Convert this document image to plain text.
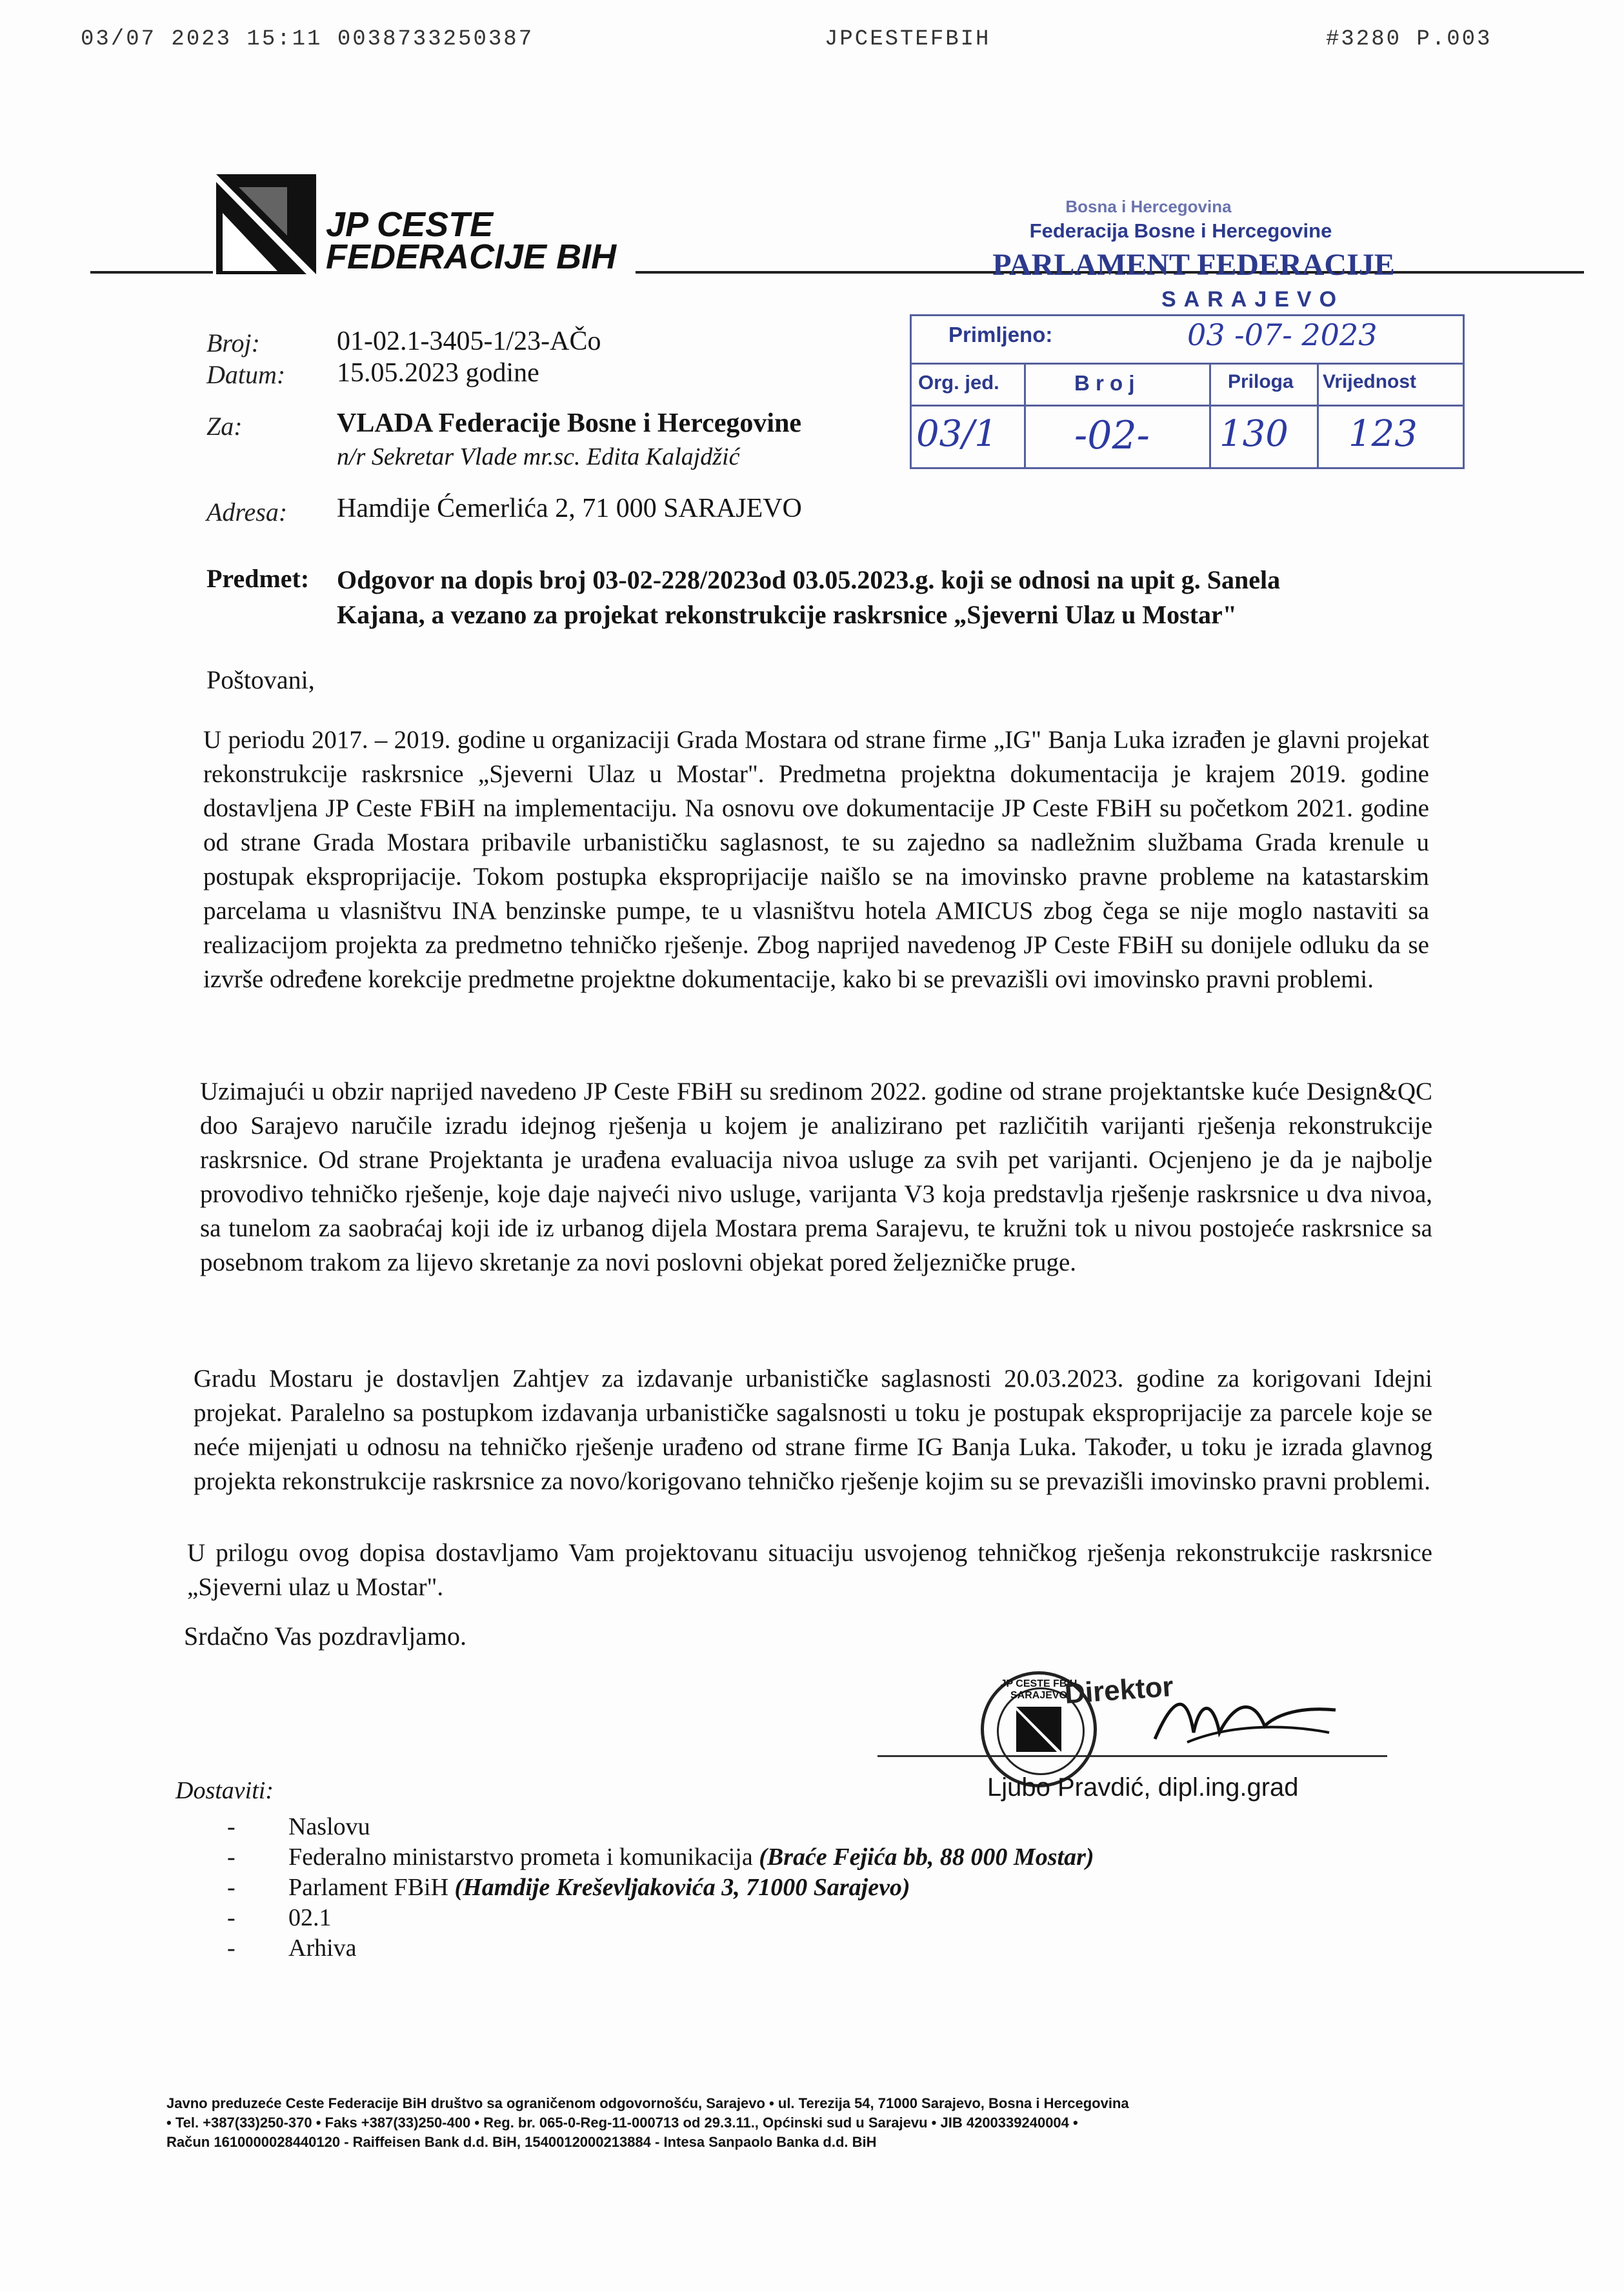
03/07 2023 15:11 0038733250387	JPCESTEFBIH	#3280 P.003
JP CESTE
FEDERACIJE BIH
Bosna i Hercegovina
Federacija Bosne i Hercegovine
PARLAMENT FEDERACIJE
SARAJEVO
Primljeno:	03 -07- 2023
Org. jed.	B r o j	Priloga Vrijednost
03/1 -02- 130 123
Broj:	01-02.1-3405-1/23-AČo
Datum: 15.05.2023 godine
Za:	VLADA Federacije Bosne i Hercegovine
n/r Sekretar Vlade mr.sc. Edita Kalajdžić
Adresa: Hamdije Ćemerlića 2, 71 000 SARAJEVO
Predmet: Odgovor na dopis broj 03-02-228/2023od 03.05.2023.g. koji se odnosi na upit g. Sanela
Kajana, a vezano za projekat rekonstrukcije raskrsnice „Sjeverni Ulaz u Mostar"
Poštovani,
U periodu 2017. – 2019. godine u organizaciji Grada Mostara od strane firme „IG" Banja Luka izrađen je glavni projekat rekonstrukcije raskrsnice „Sjeverni Ulaz u Mostar". Predmetna projektna dokumentacija je krajem 2019. godine dostavljena JP Ceste FBiH na implementaciju. Na osnovu ove dokumentacije JP Ceste FBiH su početkom 2021. godine od strane Grada Mostara pribavile urbanističku saglasnost, te su zajedno sa nadležnim službama Grada krenule u postupak eksproprijacije. Tokom postupka eksproprijacije naišlo se na imovinsko pravne probleme na katastarskim parcelama u vlasništvu INA benzinske pumpe, te u vlasništvu hotela AMICUS zbog čega se nije moglo nastaviti sa realizacijom projekta za predmetno tehničko rješenje. Zbog naprijed navedenog JP Ceste FBiH su donijele odluku da se izvrše određene korekcije predmetne projektne dokumentacije, kako bi se prevazišli ovi imovinsko pravni problemi.
Uzimajući u obzir naprijed navedeno JP Ceste FBiH su sredinom 2022. godine od strane projektantske kuće Design&QC doo Sarajevo naručile izradu idejnog rješenja u kojem je analizirano pet različitih varijanti rješenja rekonstrukcije raskrsnice. Od strane Projektanta je urađena evaluacija nivoa usluge za svih pet varijanti. Ocjenjeno je da je najbolje provodivo tehničko rješenje, koje daje najveći nivo usluge, varijanta V3 koja predstavlja rješenje raskrsnice u dva nivoa, sa tunelom za saobraćaj koji ide iz urbanog dijela Mostara prema Sarajevu, te kružni tok u nivou postojeće raskrsnice sa posebnom trakom za lijevo skretanje za novi poslovni objekat pored željezničke pruge.
Gradu Mostaru je dostavljen Zahtjev za izdavanje urbanističke saglasnosti 20.03.2023. godine za korigovani Idejni projekat. Paralelno sa postupkom izdavanja urbanističke sagalsnosti u toku je postupak eksproprijacije za parcele koje se neće mijenjati u odnosu na tehničko rješenje urađeno od strane firme IG Banja Luka. Također, u toku je izrada glavnog projekta rekonstrukcije raskrsnice za novo/korigovano tehničko rješenje kojim su se prevazišli imovinsko pravni problemi.
U prilogu ovog dopisa dostavljamo Vam projektovanu situaciju usvojenog tehničkog rješenja rekonstrukcije raskrsnice „Sjeverni ulaz u Mostar".
Srdačno Vas pozdravljamo.
JP CESTE FBiH SARAJEVO
Direktor
Ljubo Pravdić, dipl.ing.grad
Dostaviti:
- Naslovu
- Federalno ministarstvo prometa i komunikacija (Braće Fejića bb, 88 000 Mostar)
- Parlament FBiH (Hamdije Kreševljakovića 3, 71000 Sarajevo)
- 02.1
- Arhiva
Javno preduzeće Ceste Federacije BiH društvo sa ograničenom odgovornošću, Sarajevo • ul. Terezija 54, 71000 Sarajevo, Bosna i Hercegovina
• Tel. +387(33)250-370 • Faks +387(33)250-400 • Reg. br. 065-0-Reg-11-000713 od 29.3.11., Općinski sud u Sarajevu • JIB 4200339240004 •
Račun 1610000028440120 - Raiffeisen Bank d.d. BiH, 1540012000213884 - Intesa Sanpaolo Banka d.d. BiH
